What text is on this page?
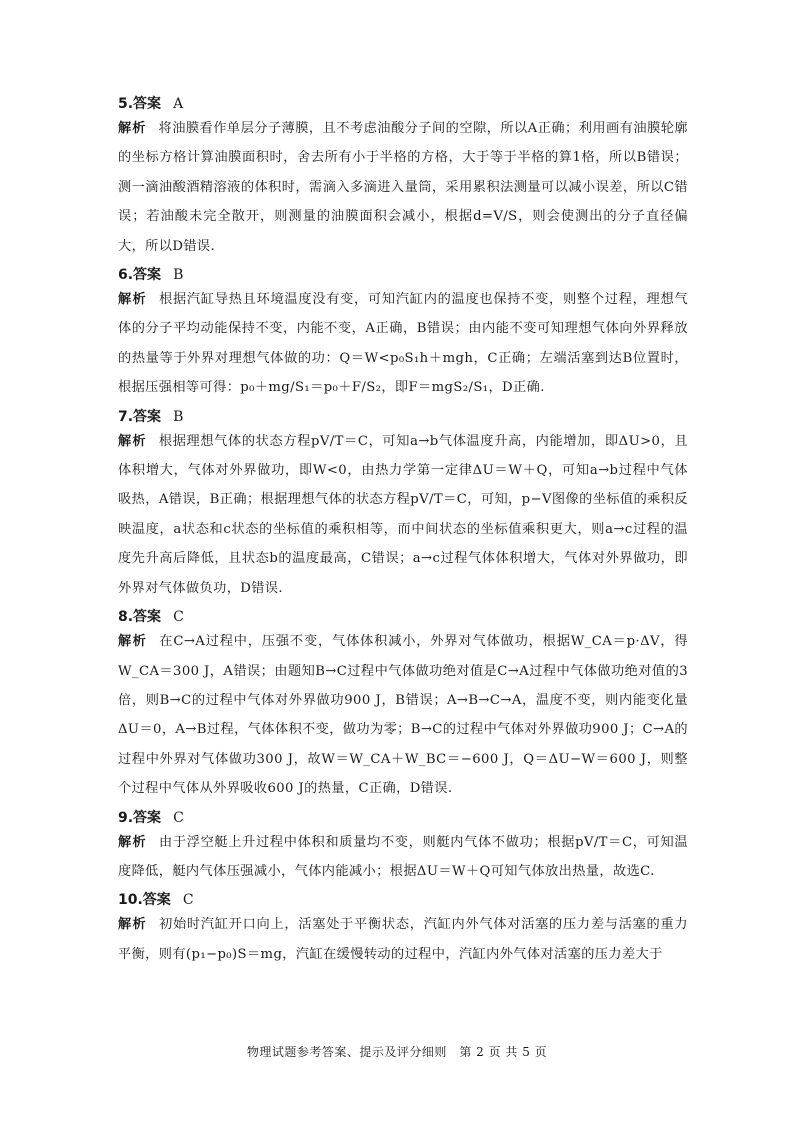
5.答案 A

解析 将油膜看作单层分子薄膜，且不考虑油酸分子间的空隙，所以A正确；利用画有油膜轮廓的坐标方格计算油膜面积时，舍去所有小于半格的方格，大于等于半格的算1格，所以B错误；测一滴油酸酒精溶液的体积时，需滴入多滴进入量筒，采用累积法测量可以减小误差，所以C错误；若油酸未完全散开，则测量的油膜面积会减小，根据d=V/S，则会使测出的分子直径偏大，所以D错误.

6.答案 B

解析 根据汽缸导热且环境温度没有变，可知汽缸内的温度也保持不变，则整个过程，理想气体的分子平均动能保持不变，内能不变，A正确，B错误；由内能不变可知理想气体向外界释放的热量等于外界对理想气体做的功：Q＝W<p₀S₁h＋mgh，C正确；左端活塞到达B位置时，根据压强相等可得：p₀＋mg/S₁＝p₀＋F/S₂，即F＝mgS₂/S₁，D正确.

7.答案 B

解析 根据理想气体的状态方程pV/T＝C，可知a→b气体温度升高，内能增加，即ΔU>0，且体积增大，气体对外界做功，即W<0，由热力学第一定律ΔU＝W＋Q，可知a→b过程中气体吸热，A错误，B正确；根据理想气体的状态方程pV/T＝C，可知，p−V图像的坐标值的乘积反映温度，a状态和c状态的坐标值的乘积相等，而中间状态的坐标值乘积更大，则a→c过程的温度先升高后降低，且状态b的温度最高，C错误；a→c过程气体体积增大，气体对外界做功，即外界对气体做负功，D错误.

8.答案 C

解析 在C→A过程中，压强不变，气体体积减小，外界对气体做功，根据W_CA＝p·ΔV，得W_CA＝300 J，A错误；由题知B→C过程中气体做功绝对值是C→A过程中气体做功绝对值的3倍，则B→C的过程中气体对外界做功900 J，B错误；A→B→C→A，温度不变，则内能变化量ΔU＝0，A→B过程，气体体积不变，做功为零；B→C的过程中气体对外界做功900 J；C→A的过程中外界对气体做功300 J，故W＝W_CA＋W_BC＝−600 J，Q＝ΔU−W＝600 J，则整个过程中气体从外界吸收600 J的热量，C正确，D错误.

9.答案 C

解析 由于浮空艇上升过程中体积和质量均不变，则艇内气体不做功；根据pV/T＝C，可知温度降低，艇内气体压强减小，气体内能减小；根据ΔU＝W＋Q可知气体放出热量，故选C.

10.答案 C

解析 初始时汽缸开口向上，活塞处于平衡状态，汽缸内外气体对活塞的压力差与活塞的重力平衡，则有(p₁−p₀)S＝mg，汽缸在缓慢转动的过程中，汽缸内外气体对活塞的压力差大于

物理试题参考答案、提示及评分细则　第 2 页 共 5 页
